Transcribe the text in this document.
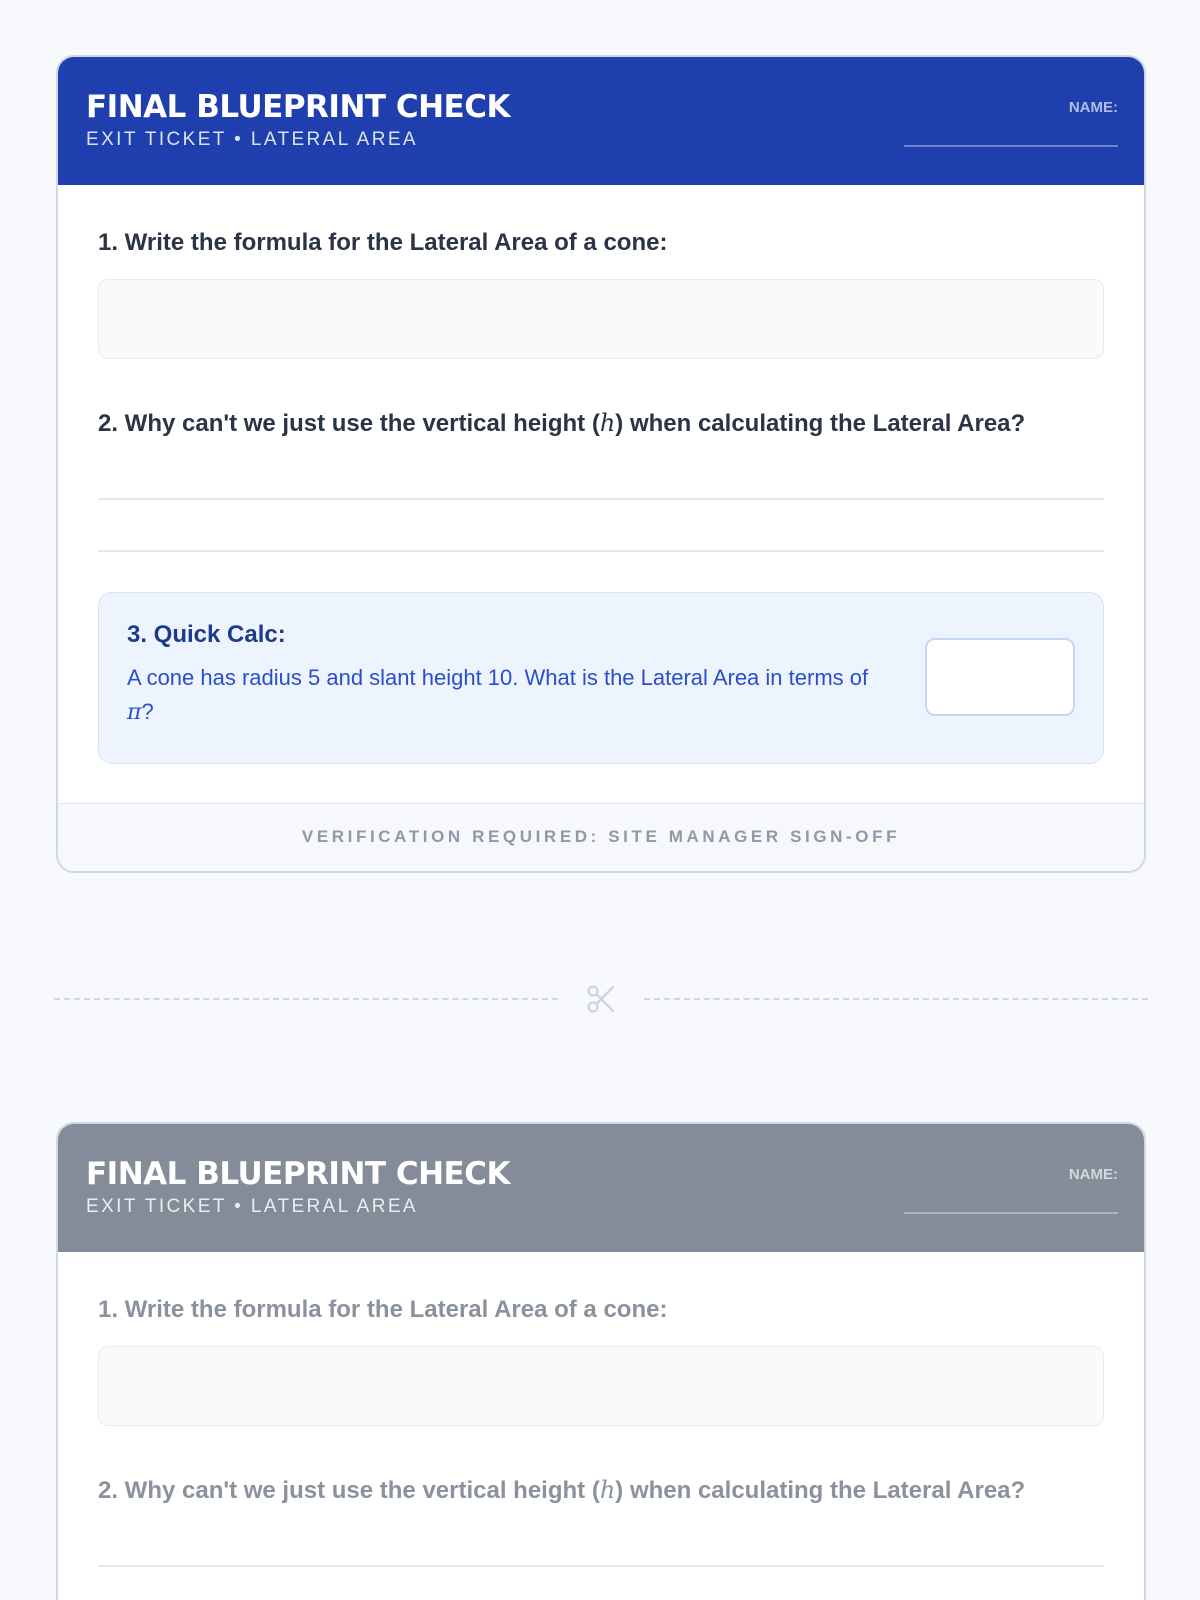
FINAL BLUEPRINT CHECK
EXIT TICKET • LATERAL AREA
NAME:
1. Write the formula for the Lateral Area of a cone:
2. Why can't we just use the vertical height (h) when calculating the Lateral Area?
3. Quick Calc:
A cone has radius 5 and slant height 10. What is the Lateral Area in terms of π?
VERIFICATION REQUIRED: SITE MANAGER SIGN-OFF
FINAL BLUEPRINT CHECK
EXIT TICKET • LATERAL AREA
NAME:
1. Write the formula for the Lateral Area of a cone:
2. Why can't we just use the vertical height (h) when calculating the Lateral Area?
